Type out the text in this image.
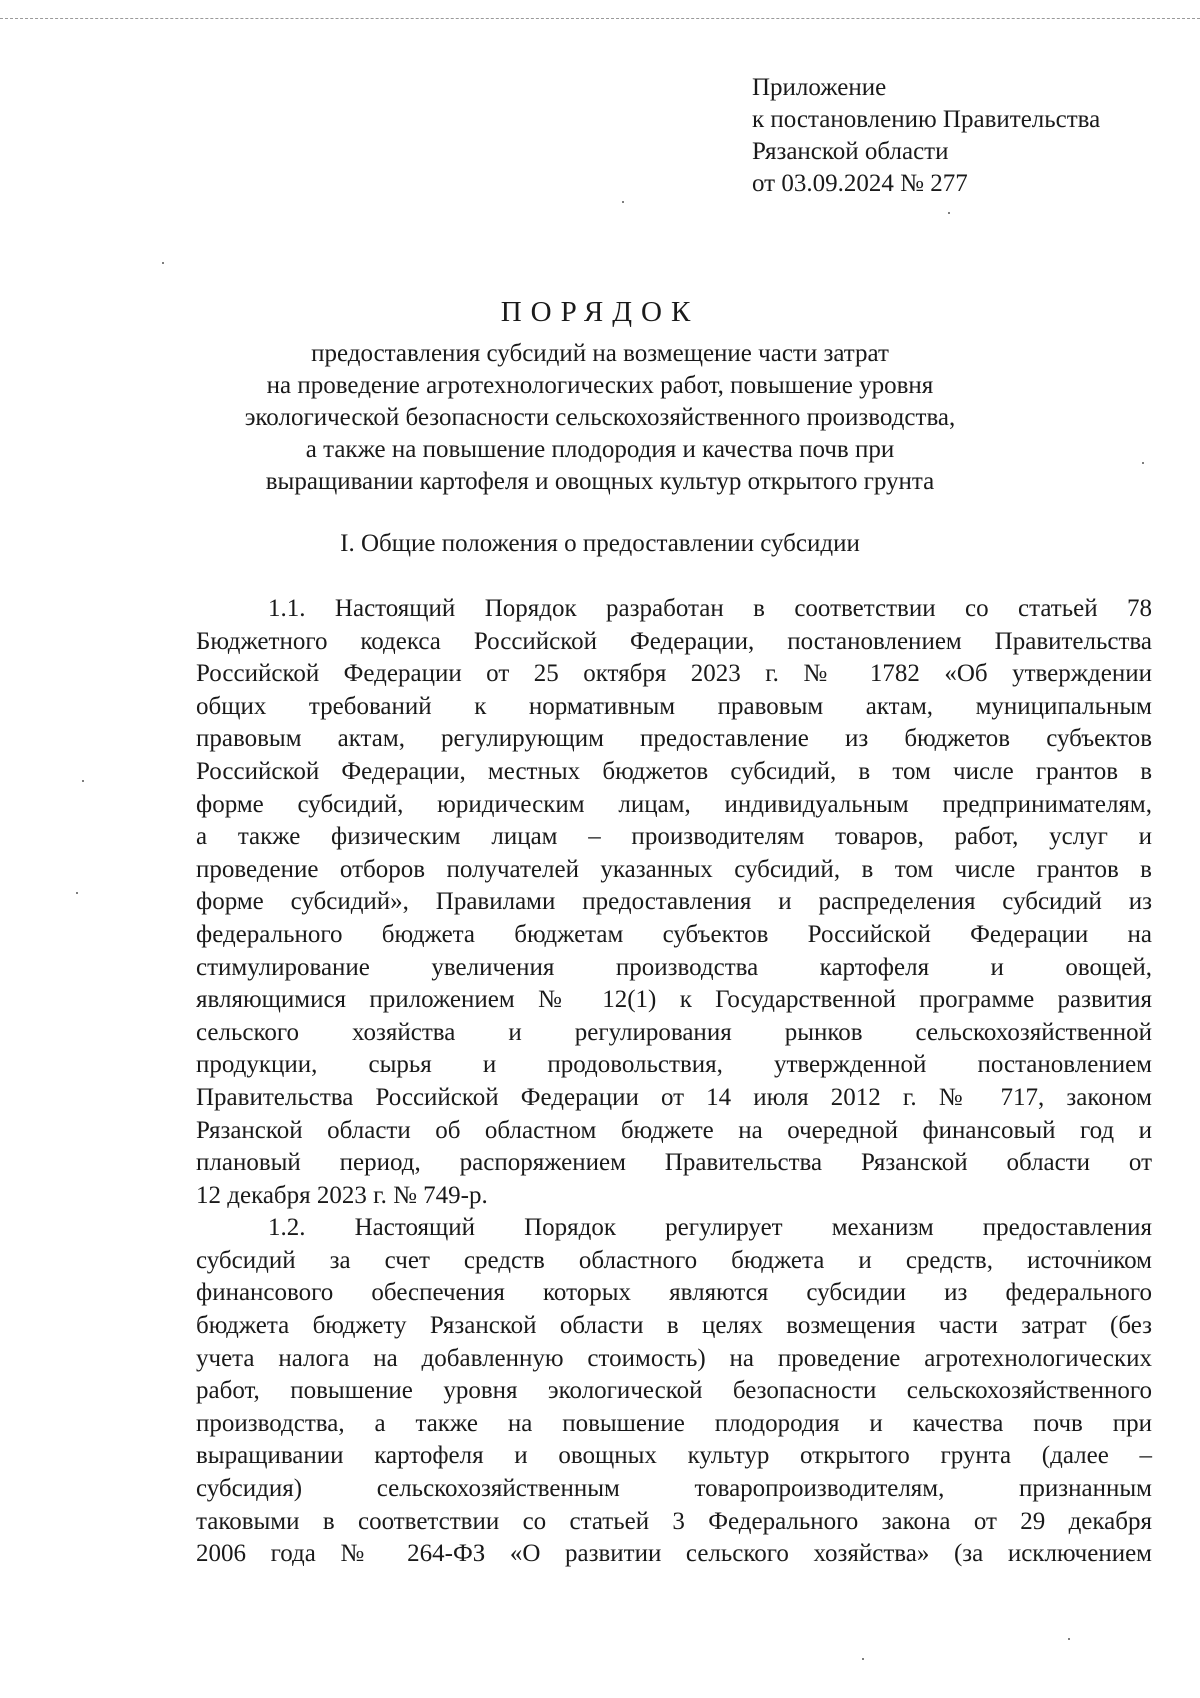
Приложение
к постановлению Правительства
Рязанской области
от 03.09.2024 № 277
ПОРЯДОК
предоставления субсидий на возмещение части затрат
на проведение агротехнологических работ, повышение уровня
экологической безопасности сельскохозяйственного производства,
а также на повышение плодородия и качества почв при
выращивании картофеля и овощных культур открытого грунта
I. Общие положения о предоставлении субсидии
1.1. Настоящий Порядок разработан в соответствии со статьей 78
Бюджетного кодекса Российской Федерации, постановлением Правительства
Российской Федерации от 25 октября 2023 г. № 1782 «Об утверждении
общих требований к нормативным правовым актам, муниципальным
правовым актам, регулирующим предоставление из бюджетов субъектов
Российской Федерации, местных бюджетов субсидий, в том числе грантов в
форме субсидий, юридическим лицам, индивидуальным предпринимателям,
а также физическим лицам – производителям товаров, работ, услуг и
проведение отборов получателей указанных субсидий, в том числе грантов в
форме субсидий», Правилами предоставления и распределения субсидий из
федерального бюджета бюджетам субъектов Российской Федерации на
стимулирование увеличения производства картофеля и овощей,
являющимися приложением № 12(1) к Государственной программе развития
сельского хозяйства и регулирования рынков сельскохозяйственной
продукции, сырья и продовольствия, утвержденной постановлением
Правительства Российской Федерации от 14 июля 2012 г. № 717, законом
Рязанской области об областном бюджете на очередной финансовый год и
плановый период, распоряжением Правительства Рязанской области от
12 декабря 2023 г. № 749-р.
1.2. Настоящий Порядок регулирует механизм предоставления
субсидий за счет средств областного бюджета и средств, источником
финансового обеспечения которых являются субсидии из федерального
бюджета бюджету Рязанской области в целях возмещения части затрат (без
учета налога на добавленную стоимость) на проведение агротехнологических
работ, повышение уровня экологической безопасности сельскохозяйственного
производства, а также на повышение плодородия и качества почв при
выращивании картофеля и овощных культур открытого грунта (далее –
субсидия) сельскохозяйственным товаропроизводителям, признанным
таковыми в соответствии со статьей 3 Федерального закона от 29 декабря
2006 года № 264-ФЗ «О развитии сельского хозяйства» (за исключением
